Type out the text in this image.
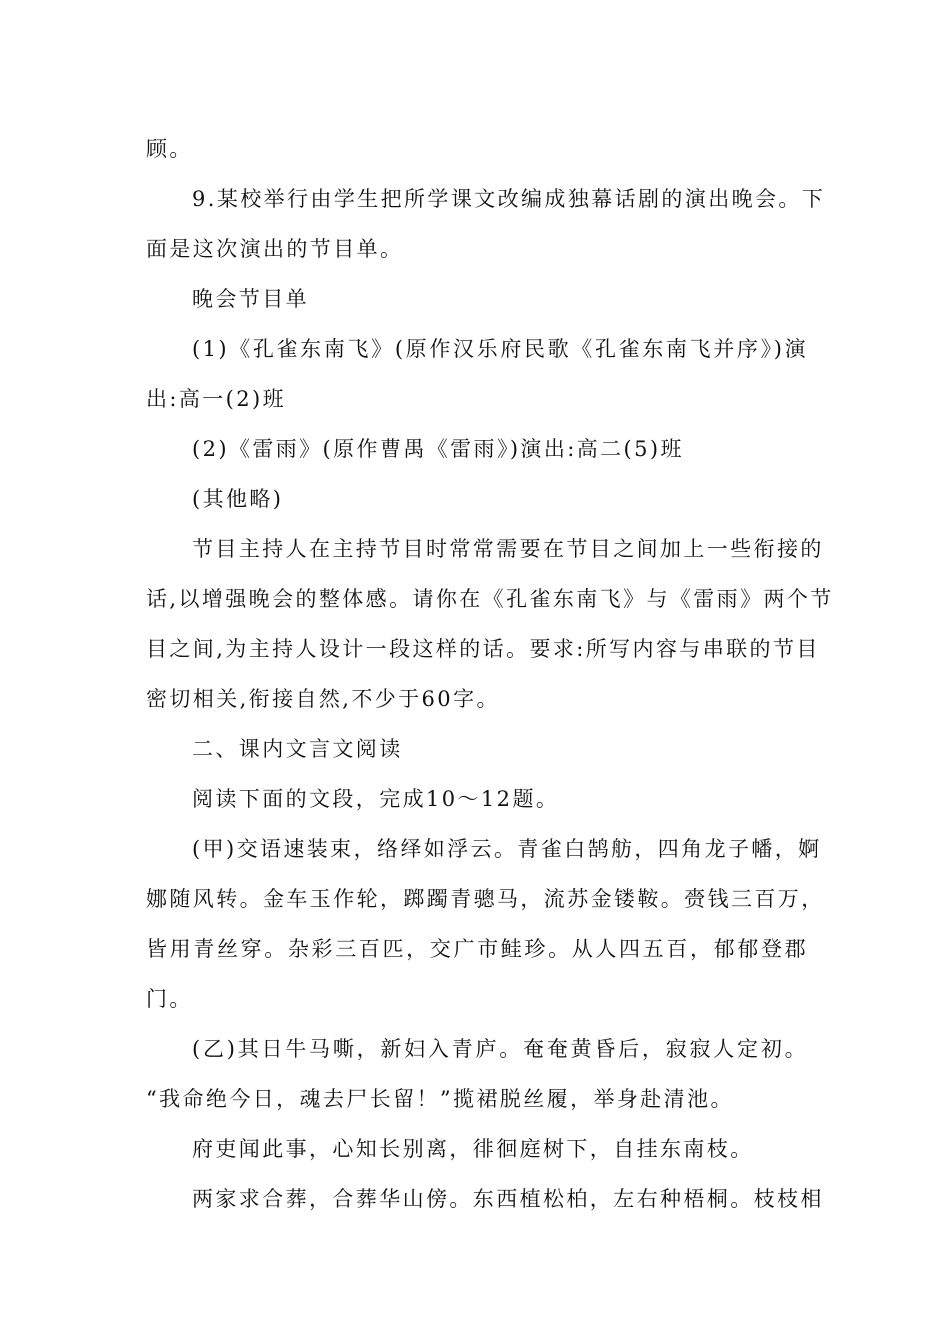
顾。
9.某校举行由学生把所学课文改编成独幕话剧的演出晚会。下
面是这次演出的节目单。
晚会节目单
(1)《孔雀东南飞》(原作汉乐府民歌《孔雀东南飞并序》)演
出:高一(2)班
(2)《雷雨》(原作曹禺《雷雨》)演出:高二(5)班
(其他略)
节目主持人在主持节目时常常需要在节目之间加上一些衔接的
话,以增强晚会的整体感。请你在《孔雀东南飞》与《雷雨》两个节
目之间,为主持人设计一段这样的话。要求:所写内容与串联的节目
密切相关,衔接自然,不少于60字。
二、课内文言文阅读
阅读下面的文段，完成10～12题。
(甲)交语速装束，络绎如浮云。青雀白鹄舫，四角龙子幡，婀
娜随风转。金车玉作轮，踯躅青骢马，流苏金镂鞍。赍钱三百万，
皆用青丝穿。杂彩三百匹，交广市鲑珍。从人四五百，郁郁登郡
门。
(乙)其日牛马嘶，新妇入青庐。奄奄黄昏后，寂寂人定初。
“我命绝今日，魂去尸长留！”揽裙脱丝履，举身赴清池。
府吏闻此事，心知长别离，徘徊庭树下，自挂东南枝。
两家求合葬，合葬华山傍。东西植松柏，左右种梧桐。枝枝相
